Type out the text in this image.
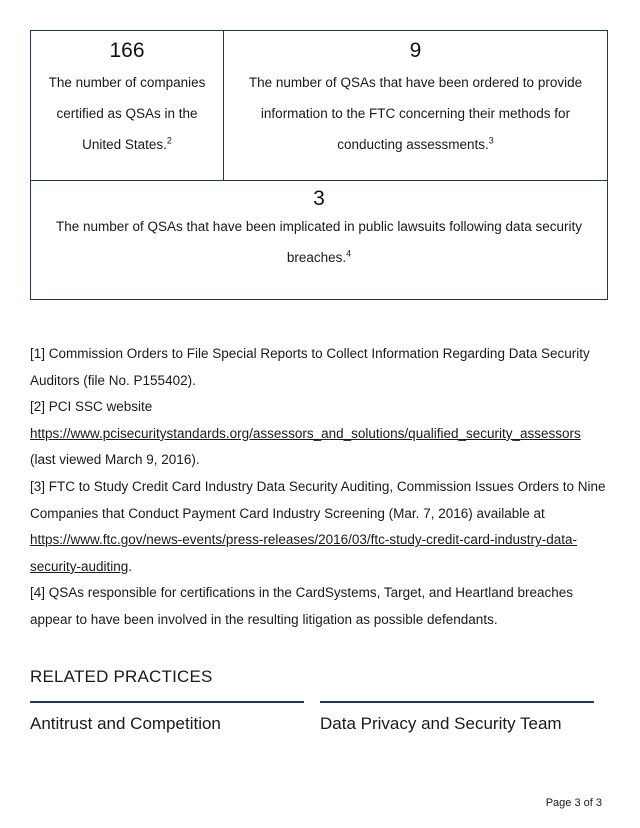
166
The number of companies certified as QSAs in the United States.$^2$
9
The number of QSAs that have been ordered to provide information to the FTC concerning their methods for conducting assessments.$^3$
3
The number of QSAs that have been implicated in public lawsuits following data security breaches.$^4$

[1] Commission Orders to File Special Reports to Collect Information Regarding Data Security Auditors (file No. P155402).

[2] PCI SSC website
https://www.pcisecuritystandards.org/assessors_and_solutions/qualified_security_assessors
(last viewed March 9, 2016).

[3] FTC to Study Credit Card Industry Data Security Auditing, Commission Issues Orders to Nine Companies that Conduct Payment Card Industry Screening (Mar. 7, 2016) available at https://www.ftc.gov/news-events/press-releases/2016/03/ftc-study-credit-card-industry-data-security-auditing.

[4] QSAs responsible for certifications in the CardSystems, Target, and Heartland breaches appear to have been involved in the resulting litigation as possible defendants.

RELATED PRACTICES
Antitrust and Competition	Data Privacy and Security Team
Page 3 of 3
